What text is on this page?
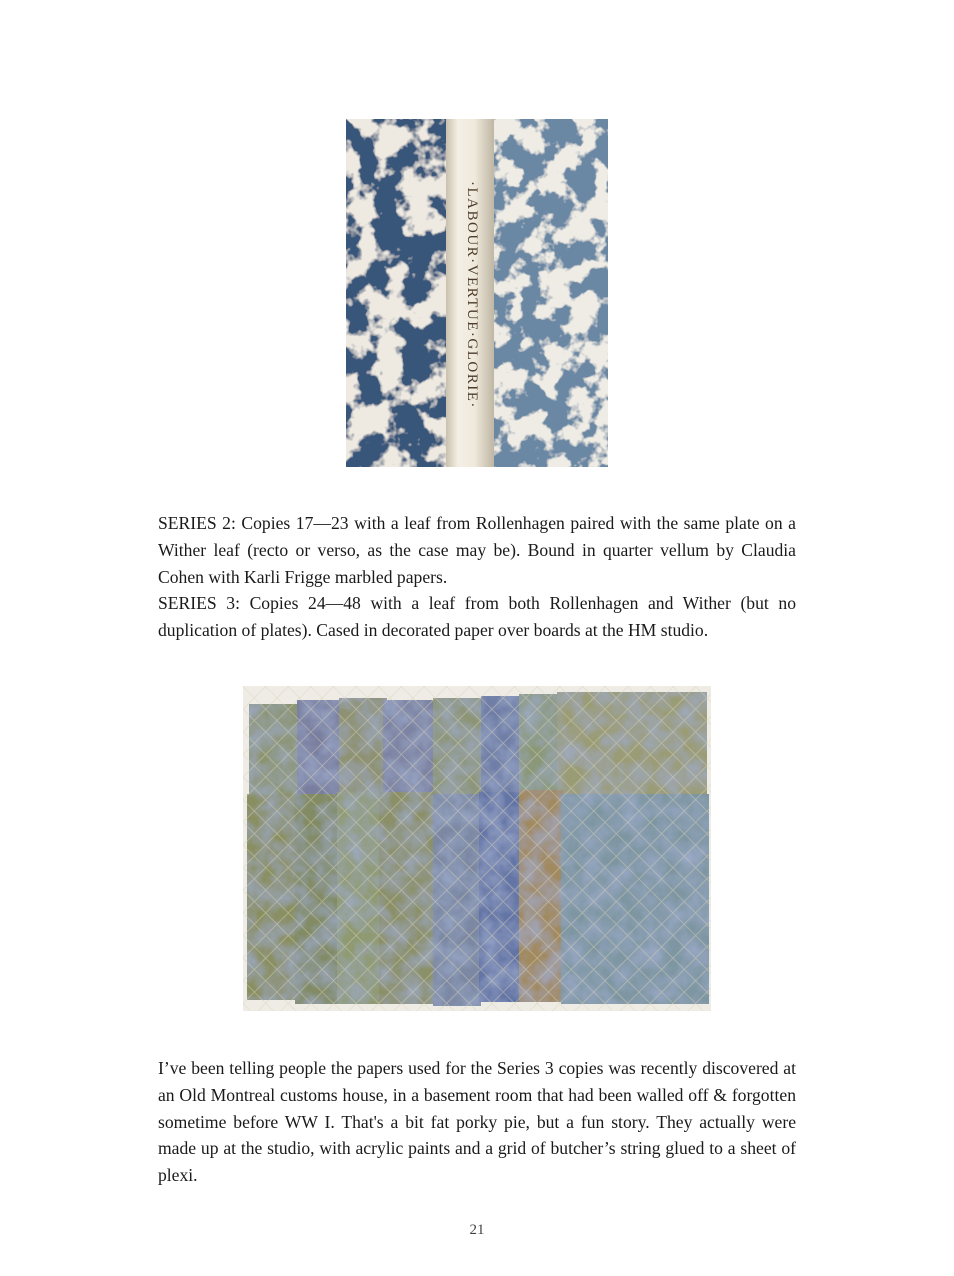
·LABOUR·VERTUE·GLORIE·

SERIES 2: Copies 17—23 with a leaf from Rollenhagen paired with the same plate on a Wither leaf (recto or verso, as the case may be). Bound in quarter vellum by Claudia Cohen with Karli Frigge marbled papers.

SERIES 3: Copies 24—48 with a leaf from both Rollenhagen and Wither (but no duplication of plates). Cased in decorated paper over boards at the HM studio.

I’ve been telling people the papers used for the Series 3 copies was recently discovered at an Old Montreal customs house, in a basement room that had been walled off & forgotten sometime before WW I. That's a bit fat porky pie, but a fun story. They actually were made up at the studio, with acrylic paints and a grid of butcher’s string glued to a sheet of plexi.

21
